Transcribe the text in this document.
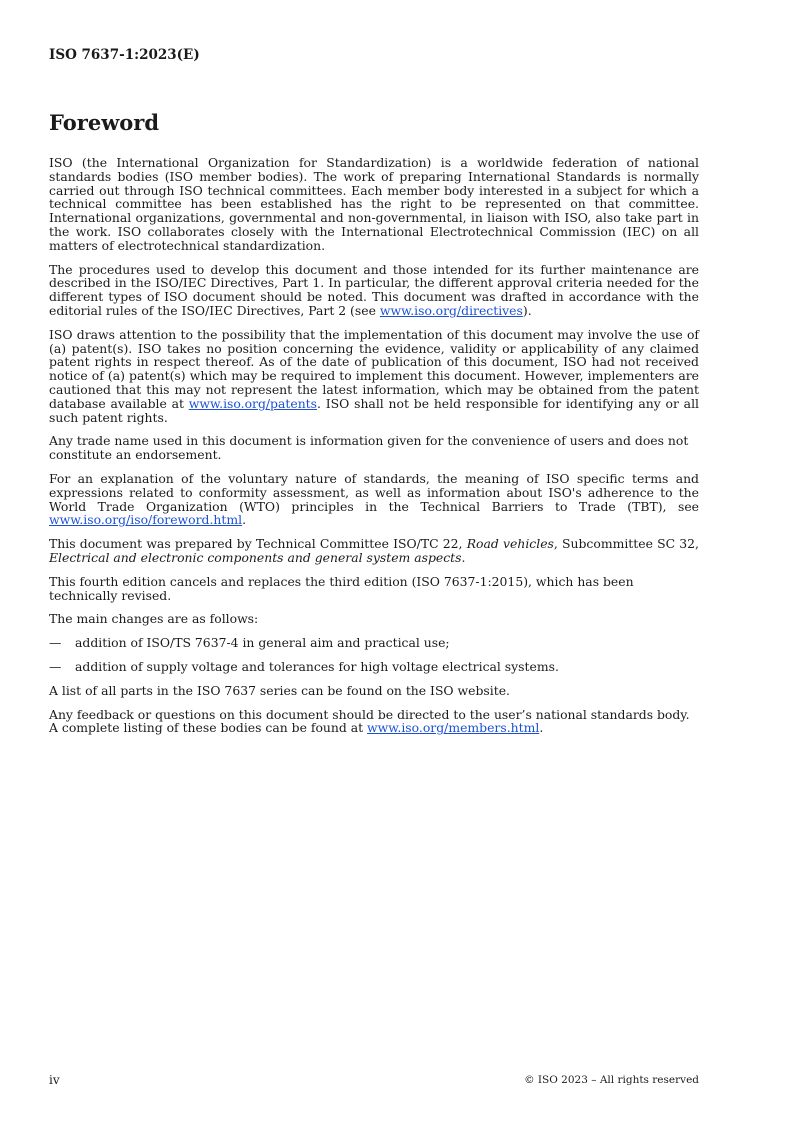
ISO 7637-1:2023(E)
Foreword

ISO (the International Organization for Standardization) is a worldwide federation of national standards bodies (ISO member bodies). The work of preparing International Standards is normally carried out through ISO technical committees. Each member body interested in a subject for which a technical committee has been established has the right to be represented on that committee. International organizations, governmental and non-governmental, in liaison with ISO, also take part in the work. ISO collaborates closely with the International Electrotechnical Commission (IEC) on all matters of electrotechnical standardization.

The procedures used to develop this document and those intended for its further maintenance are described in the ISO/IEC Directives, Part 1. In particular, the different approval criteria needed for the different types of ISO document should be noted. This document was drafted in accordance with the editorial rules of the ISO/IEC Directives, Part 2 (see www.iso.org/directives).

ISO draws attention to the possibility that the implementation of this document may involve the use of (a) patent(s). ISO takes no position concerning the evidence, validity or applicability of any claimed patent rights in respect thereof. As of the date of publication of this document, ISO had not received notice of (a) patent(s) which may be required to implement this document. However, implementers are cautioned that this may not represent the latest information, which may be obtained from the patent database available at www.iso.org/patents. ISO shall not be held responsible for identifying any or all such patent rights.

Any trade name used in this document is information given for the convenience of users and does not constitute an endorsement.

For an explanation of the voluntary nature of standards, the meaning of ISO specific terms and expressions related to conformity assessment, as well as information about ISO's adherence to the World Trade Organization (WTO) principles in the Technical Barriers to Trade (TBT), see www.iso.org/iso/foreword.html.

This document was prepared by Technical Committee ISO/TC 22, Road vehicles, Subcommittee SC 32, Electrical and electronic components and general system aspects.

This fourth edition cancels and replaces the third edition (ISO 7637-1:2015), which has been technically revised.

The main changes are as follows:

—	addition of ISO/TS 7637-4 in general aim and practical use;
—	addition of supply voltage and tolerances for high voltage electrical systems.

A list of all parts in the ISO 7637 series can be found on the ISO website.

Any feedback or questions on this document should be directed to the user’s national standards body. A complete listing of these bodies can be found at www.iso.org/members.html.

iv	© ISO 2023 – All rights reserved
